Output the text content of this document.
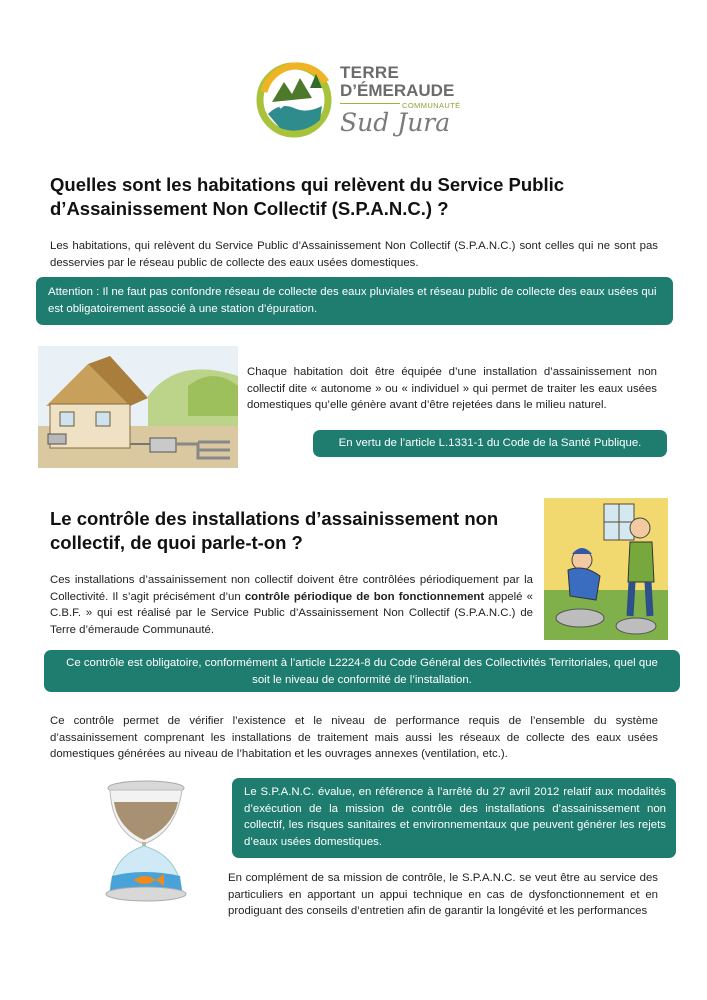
TERRE
D’ÉMERAUDE
COMMUNAUTÉ
Sud Jura
Quelles sont les habitations qui relèvent du Service Public
d’Assainissement Non Collectif (S.P.A.N.C.) ?

Les habitations, qui relèvent du Service Public d’Assainissement Non Collectif (S.P.A.N.C.) sont celles qui ne sont pas desservies par le réseau public de collecte des eaux usées domestiques.

Attention : Il ne faut pas confondre réseau de collecte des eaux pluviales et réseau public de collecte des eaux usées qui est obligatoirement associé à une station d’épuration.

Chaque habitation doit être équipée d’une installation d’assainissement non collectif dite « autonome » ou « individuel » qui permet de traiter les eaux usées domestiques qu’elle génère avant d’être rejetées dans le milieu naturel.

En vertu de l’article L.1331-1 du Code de la Santé Publique.
Le contrôle des installations d’assainissement non
collectif, de quoi parle-t-on ?

Ces installations d’assainissement non collectif doivent être contrôlées périodiquement par la Collectivité. Il s’agit précisément d’un contrôle périodique de bon fonctionnement appelé « C.B.F. » qui est réalisé par le Service Public d’Assainissement Non Collectif (S.P.A.N.C.) de Terre d’émeraude Communauté.

Ce contrôle est obligatoire, conformément à l’article L2224-8 du Code Général des Collectivités Territoriales, quel que soit le niveau de conformité de l’installation.

Ce contrôle permet de vérifier l’existence et le niveau de performance requis de l’ensemble du système d’assainissement comprenant les installations de traitement mais aussi les réseaux de collecte des eaux usées domestiques générées au niveau de l’habitation et les ouvrages annexes (ventilation, etc.).

Le S.P.A.N.C. évalue, en référence à l’arrêté du 27 avril 2012 relatif aux modalités d’exécution de la mission de contrôle des installations d’assainissement non collectif, les risques sanitaires et environnementaux que peuvent générer les rejets d’eaux usées domestiques.

En complément de sa mission de contrôle, le S.P.A.N.C. se veut être au service des particuliers en apportant un appui technique en cas de dysfonctionnement et en prodiguant des conseils d’entretien afin de garantir la longévité et les performances
